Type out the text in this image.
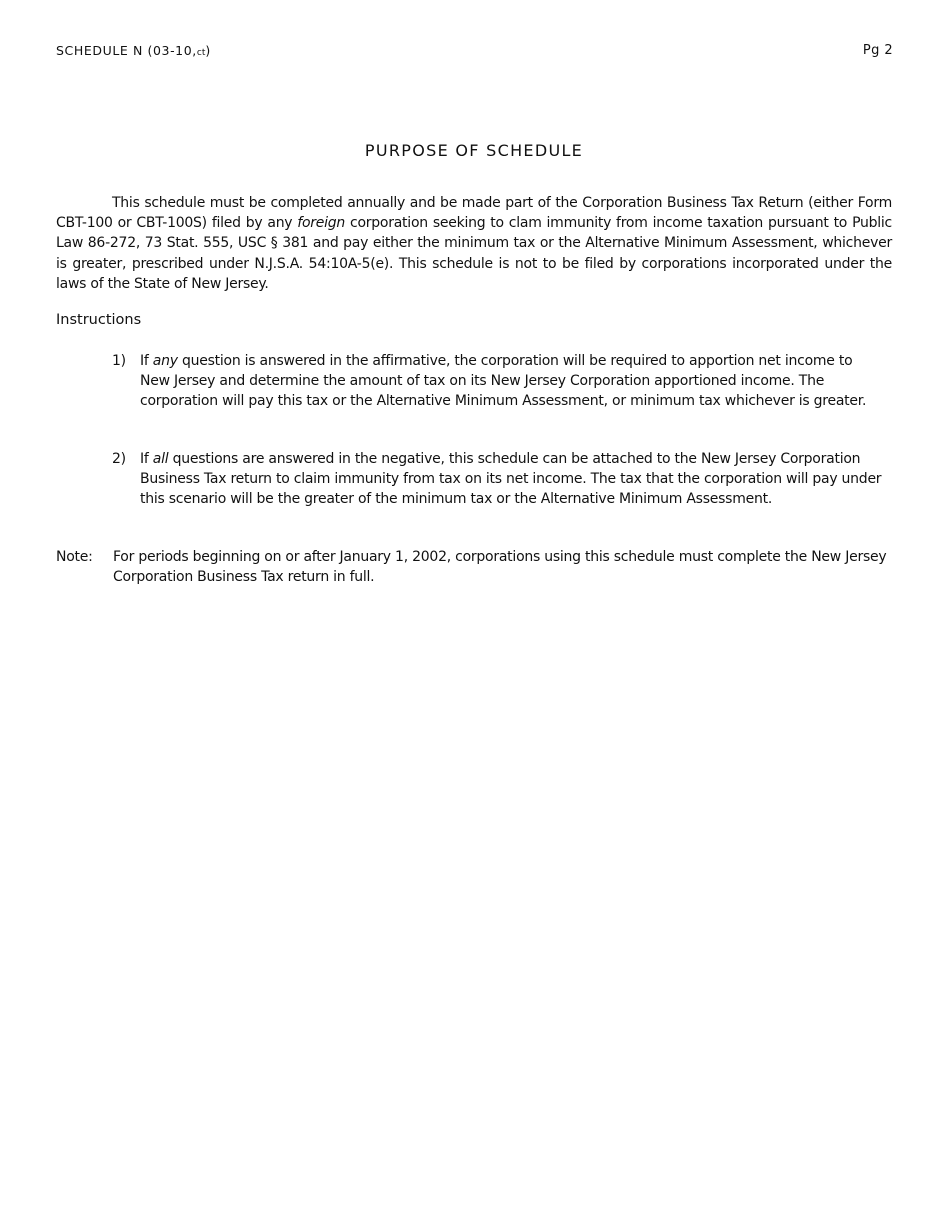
SCHEDULE N (03-10,ct)	Pg 2
PURPOSE OF SCHEDULE
This schedule must be completed annually and be made part of the Corporation Business Tax Return (either Form CBT-100 or CBT-100S) filed by any foreign corporation seeking to clam immunity from income taxation pursuant to Public Law 86-272, 73 Stat. 555, USC § 381 and pay either the minimum tax or the Alternative Minimum Assessment, whichever is greater, prescribed under N.J.S.A. 54:10A-5(e). This schedule is not to be filed by corporations incorporated under the laws of the State of New Jersey.
Instructions
1) If any question is answered in the affirmative, the corporation will be required to apportion net income to New Jersey and determine the amount of tax on its New Jersey Corporation apportioned income. The corporation will pay this tax or the Alternative Minimum Assessment, or minimum tax whichever is greater.
2) If all questions are answered in the negative, this schedule can be attached to the New Jersey Corporation Business Tax return to claim immunity from tax on its net income. The tax that the corporation will pay under this scenario will be the greater of the minimum tax or the Alternative Minimum Assessment.
Note: For periods beginning on or after January 1, 2002, corporations using this schedule must complete the New Jersey Corporation Business Tax return in full.
